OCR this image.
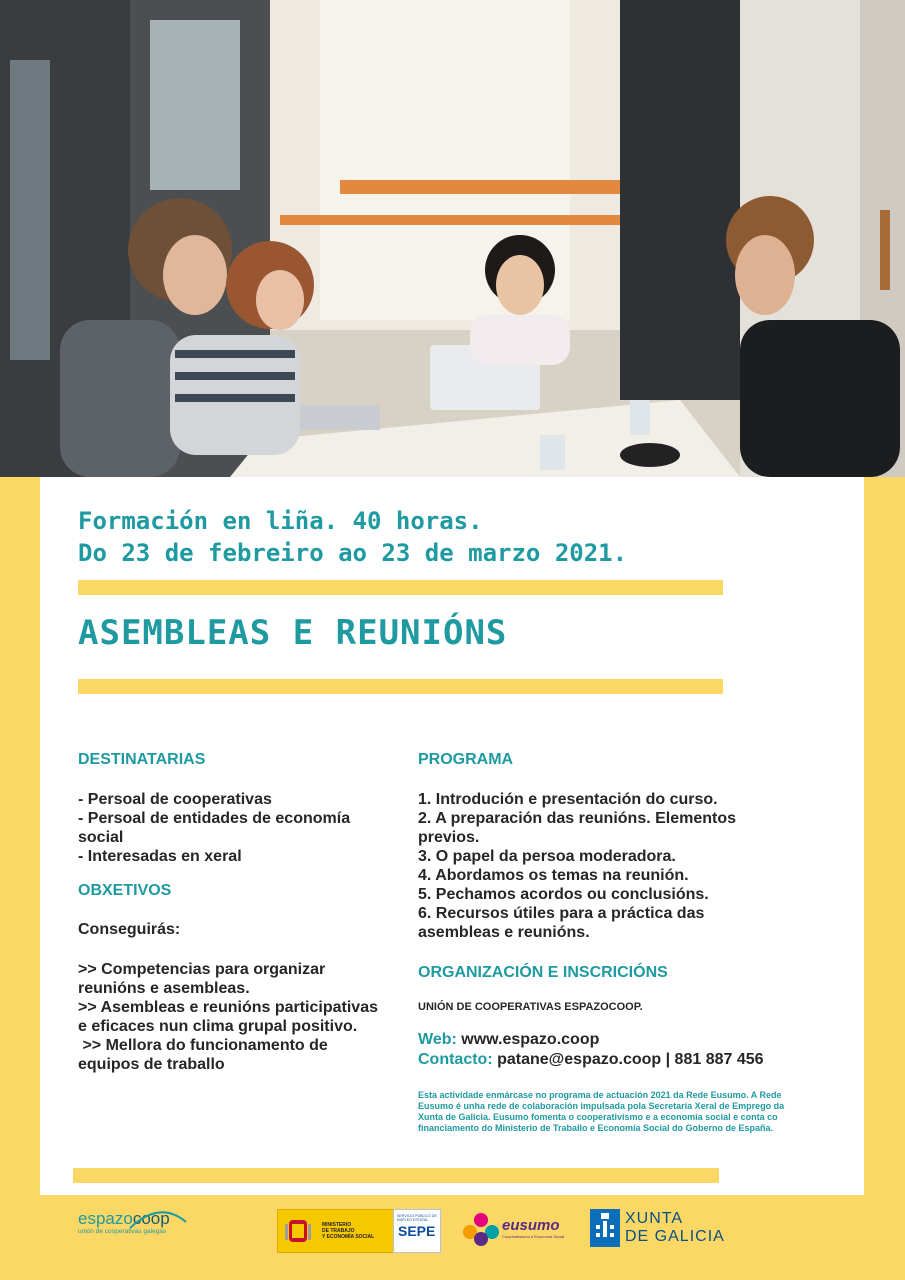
Formación en liña. 40 horas.
Do 23 de febreiro ao 23 de marzo 2021.
ASEMBLEAS E REUNIÓNS
DESTINATARIAS
- Persoal de cooperativas
- Persoal de entidades de economía social
- Interesadas en xeral
OBXETIVOS

Conseguirás:

>> Competencias para organizar reunións e asembleas.
>> Asembleas e reunións participativas e eficaces nun clima grupal positivo.
>> Mellora do funcionamento de equipos de traballo
PROGRAMA
1. Introdución e presentación do curso.
2. A preparación das reunións. Elementos previos.
3. O papel da persoa moderadora.
4. Abordamos os temas na reunión.
5. Pechamos acordos ou conclusións.
6. Recursos útiles para a práctica das asembleas e reunións.
ORGANIZACIÓN E INSCRICIÓNS

UNIÓN DE COOPERATIVAS ESPAZOCOOP.

Web: www.espazo.coop
Contacto: patane@espazo.coop | 881 887 456

Esta actividade enmárcase no programa de actuación 2021 da Rede Eusumo. A Rede Eusumo é unha rede de colaboración impulsada pola Secretaría Xeral de Emprego da Xunta de Galicia. Eusumo fomenta o cooperativismo e a economía social e conta co financiamento do Ministerio de Traballo e Economía Social do Goberno de España.

espazocoop
unión de cooperativas galegas
MINISTERIO
DE TRABAJO
Y ECONOMÍA SOCIAL
SERVICIO PÚBLICO DE EMPLEO ESTATAL
SEPE	eusumo
Cooperativismo e Economía Social
XUNTA
DE GALICIA
